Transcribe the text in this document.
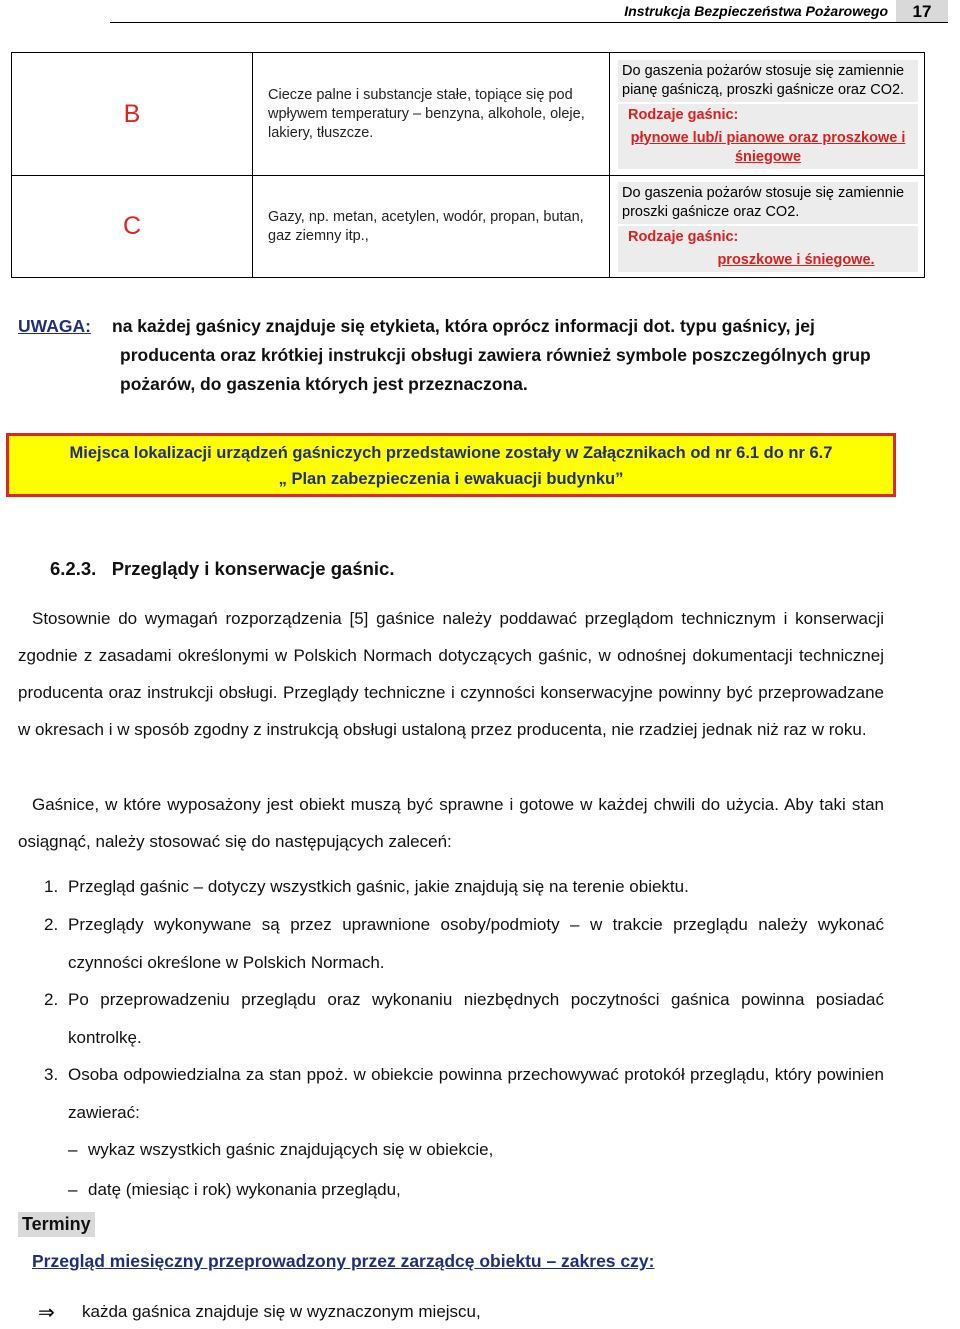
Instrukcja Bezpieczeństwa Pożarowego	17
B	Ciecze palne i substancje stałe, topiące się pod wpływem temperatury – benzyna, alkohole, oleje, lakiery, tłuszcze.	Do gaszenia pożarów stosuje się zamiennie pianę gaśniczą, proszki gaśnicze oraz CO2.
Rodzaje gaśnic:
płynowe lub/i pianowe oraz proszkowe i śniegowe

C	Gazy, np. metan, acetylen, wodór, propan, butan, gaz ziemny itp.,	Do gaszenia pożarów stosuje się zamiennie proszki gaśnicze oraz CO2.
Rodzaje gaśnic:
proszkowe i śniegowe.
UWAGA: na każdej gaśnicy znajduje się etykieta, która oprócz informacji dot. typu gaśnicy, jej
producenta oraz krótkiej instrukcji obsługi zawiera również symbole poszczególnych grup
pożarów, do gaszenia których jest przeznaczona.
Miejsca lokalizacji urządzeń gaśniczych przedstawione zostały w Załącznikach od nr 6.1 do nr 6.7
„ Plan zabezpieczenia i ewakuacji budynku”
6.2.3. Przeglądy i konserwacje gaśnic.
Stosownie do wymagań rozporządzenia [5] gaśnice należy poddawać przeglądom technicznym i konserwacji zgodnie z zasadami określonymi w Polskich Normach dotyczących gaśnic, w odnośnej dokumentacji technicznej producenta oraz instrukcji obsługi. Przeglądy techniczne i czynności konserwacyjne powinny być przeprowadzane w okresach i w sposób zgodny z instrukcją obsługi ustaloną przez producenta, nie rzadziej jednak niż raz w roku.
Gaśnice, w które wyposażony jest obiekt muszą być sprawne i gotowe w każdej chwili do użycia. Aby taki stan osiągnąć, należy stosować się do następujących zaleceń:
1. Przegląd gaśnic – dotyczy wszystkich gaśnic, jakie znajdują się na terenie obiektu.
2. Przeglądy wykonywane są przez uprawnione osoby/podmioty – w trakcie przeglądu należy wykonać czynności określone w Polskich Normach.
2. Po przeprowadzeniu przeglądu oraz wykonaniu niezbędnych poczytności gaśnica powinna posiadać kontrolkę.
3. Osoba odpowiedzialna za stan ppoż. w obiekcie powinna przechowywać protokół przeglądu, który powinien zawierać:
– wykaz wszystkich gaśnic znajdujących się w obiekcie,
– datę (miesiąc i rok) wykonania przeglądu,
Terminy
Przegląd miesięczny przeprowadzony przez zarządcę obiektu – zakres czy:
⇒ każda gaśnica znajduje się w wyznaczonym miejscu,
